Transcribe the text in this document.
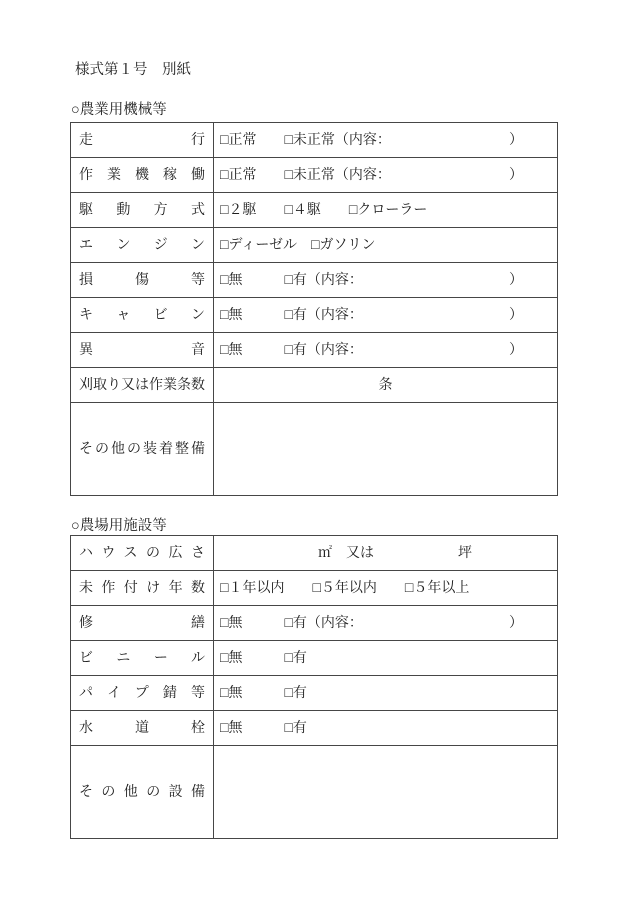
様式第１号　別紙
○農業用機械等
走行	□正常　　□未正常（内容： ）

作業機稼働	□正常　　□未正常（内容： ）

駆動方式	□２駆　　□４駆　　□クローラー

エンジン	□ディーゼル　□ガソリン

損傷等	□無　　　□有（内容： ）

キャビン	□無　　　□有（内容： ）

異音	□無　　　□有（内容： ）

刈取り又は作業条数	条

その他の装着整備	

○農場用施設等
ハウスの広さ	　　　　　　　㎡　又は　　　　　　坪

未作付け年数	□１年以内　　□５年以内　　□５年以上

修繕	□無　　　□有（内容： ）

ビニール	□無　　　□有

パイプ錆等	□無　　　□有

水道栓	□無　　　□有

その他の設備	
